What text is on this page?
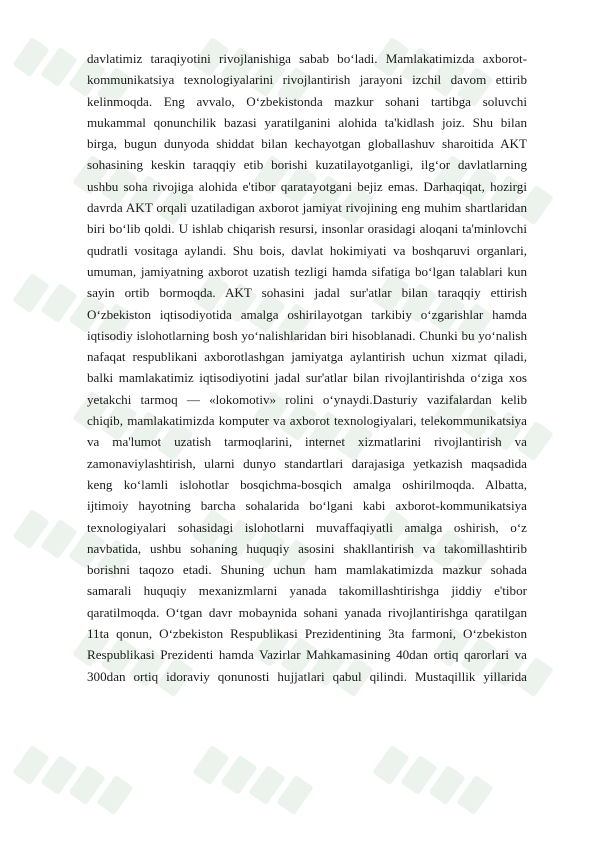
davlatimiz taraqiyotini rivojlanishiga sabab bo‘ladi. Mamlakatimizda axborot-

kommunikatsiya texnologiyalarini rivojlantirish jarayoni izchil davom ettirib

kelinmoqda. Eng avvalo, O‘zbekistonda mazkur sohani tartibga soluvchi

mukammal qonunchilik bazasi yaratilganini alohida ta'kidlash joiz. Shu bilan

birga, bugun dunyoda shiddat bilan kechayotgan globallashuv sharoitida AKT

sohasining keskin taraqqiy etib borishi kuzatilayotganligi, ilg‘or davlatlarning

ushbu soha rivojiga alohida e'tibor qaratayotgani bejiz emas. Darhaqiqat, hozirgi

davrda AKT orqali uzatiladigan axborot jamiyat rivojining eng muhim shartlaridan

biri bo‘lib qoldi. U ishlab chiqarish resursi, insonlar orasidagi aloqani ta'minlovchi

qudratli vositaga aylandi. Shu bois, davlat hokimiyati va boshqaruvi organlari,

umuman, jamiyatning axborot uzatish tezligi hamda sifatiga bo‘lgan talablari kun

sayin ortib bormoqda. AKT sohasini jadal sur'atlar bilan taraqqiy ettirish

O‘zbekiston iqtisodiyotida amalga oshirilayotgan tarkibiy o‘zgarishlar hamda

iqtisodiy islohotlarning bosh yo‘nalishlaridan biri hisoblanadi. Chunki bu yo‘nalish

nafaqat respublikani axborotlashgan jamiyatga aylantirish uchun xizmat qiladi,

balki mamlakatimiz iqtisodiyotini jadal sur'atlar bilan rivojlantirishda o‘ziga xos

yetakchi tarmoq — «lokomotiv» rolini o‘ynaydi.Dasturiy vazifalardan kelib

chiqib, mamlakatimizda komputer va axborot texnologiyalari, telekommunikatsiya

va ma'lumot uzatish tarmoqlarini, internet xizmatlarini rivojlantirish va

zamonaviylashtirish, ularni dunyo standartlari darajasiga yetkazish maqsadida

keng ko‘lamli islohotlar bosqichma-bosqich amalga oshirilmoqda. Albatta,

ijtimoiy hayotning barcha sohalarida bo‘lgani kabi axborot-kommunikatsiya

texnologiyalari sohasidagi islohotlarni muvaffaqiyatli amalga oshirish, o‘z

navbatida, ushbu sohaning huquqiy asosini shakllantirish va takomillashtirib

borishni taqozo etadi. Shuning uchun ham mamlakatimizda mazkur sohada

samarali huquqiy mexanizmlarni yanada takomillashtirishga jiddiy e'tibor

qaratilmoqda. O‘tgan davr mobaynida sohani yanada rivojlantirishga qaratilgan

11ta qonun, O‘zbekiston Respublikasi Prezidentining 3ta farmoni, O‘zbekiston

Respublikasi Prezidenti hamda Vazirlar Mahkamasining 40dan ortiq qarorlari va

300dan ortiq idoraviy qonunosti hujjatlari qabul qilindi. Mustaqillik yillarida
